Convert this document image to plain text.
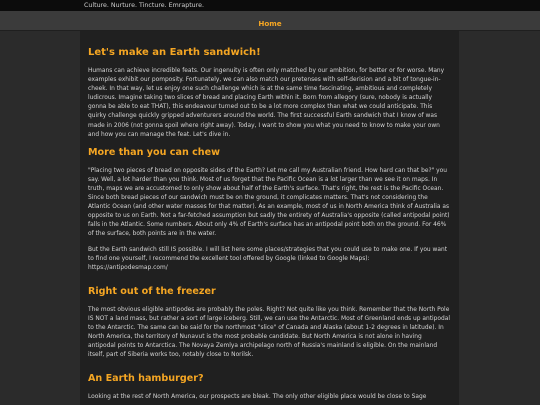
Culture. Nurture. Tincture. Emrapture.
Home
Let's make an Earth sandwich!

Humans can achieve incredible feats. Our ingenuity is often only matched by our ambition, for better or for worse. Many examples exhibit our pomposity. Fortunately, we can also match our pretenses with self-derision and a bit of tongue-in-cheek. In that way, let us enjoy one such challenge which is at the same time fascinating, ambitious and completely ludicrous. Imagine taking two slices of bread and placing Earth within it. Born from allegory (sure, nobody is actually gonna be able to eat THAT), this endeavour turned out to be a lot more complex than what we could anticipate. This quirky challenge quickly gripped adventurers around the world. The first successful Earth sandwich that I know of was made in 2006 (not gonna spoil where right away). Today, I want to show you what you need to know to make your own and how you can manage the feat. Let's dive in.

More than you can chew

"Placing two pieces of bread on opposite sides of the Earth? Let me call my Australian friend. How hard can that be?" you say. Well, a lot harder than you think. Most of us forget that the Pacific Ocean is a lot larger than we see it on maps. In truth, maps we are accustomed to only show about half of the Earth's surface. That's right, the rest is the Pacific Ocean. Since both bread pieces of our sandwich must be on the ground, it complicates matters. That's not considering the Atlantic Ocean (and other water masses for that matter). As an example, most of us in North America think of Australia as opposite to us on Earth. Not a far-fetched assumption but sadly the entirety of Australia's opposite (called antipodal point) falls in the Atlantic. Some numbers. About only 4% of Earth's surface has an antipodal point both on the ground. For 46% of the surface, both points are in the water.

But the Earth sandwich still IS possible. I will list here some places/strategies that you could use to make one. If you want to find one yourself, I recommend the excellent tool offered by Google (linked to Google Maps): https://antipodesmap.com/

Right out of the freezer

The most obvious eligible antipodes are probably the poles. Right? Not quite like you think. Remember that the North Pole IS NOT a land mass, but rather a sort of large iceberg. Still, we can use the Antarctic. Most of Greenland ends up antipodal to the Antarctic. The same can be said for the northmost "slice" of Canada and Alaska (about 1-2 degrees in latitude). In North America, the territory of Nunavut is the most probable candidate. But North America is not alone in having antipodal points to Antarctica. The Novaya Zemlya archipelago north of Russia's mainland is eligible. On the mainland itself, part of Siberia works too, notably close to Norilsk.

An Earth hamburger?

Looking at the rest of North America, our prospects are bleak. The only other eligible place would be close to Sage
